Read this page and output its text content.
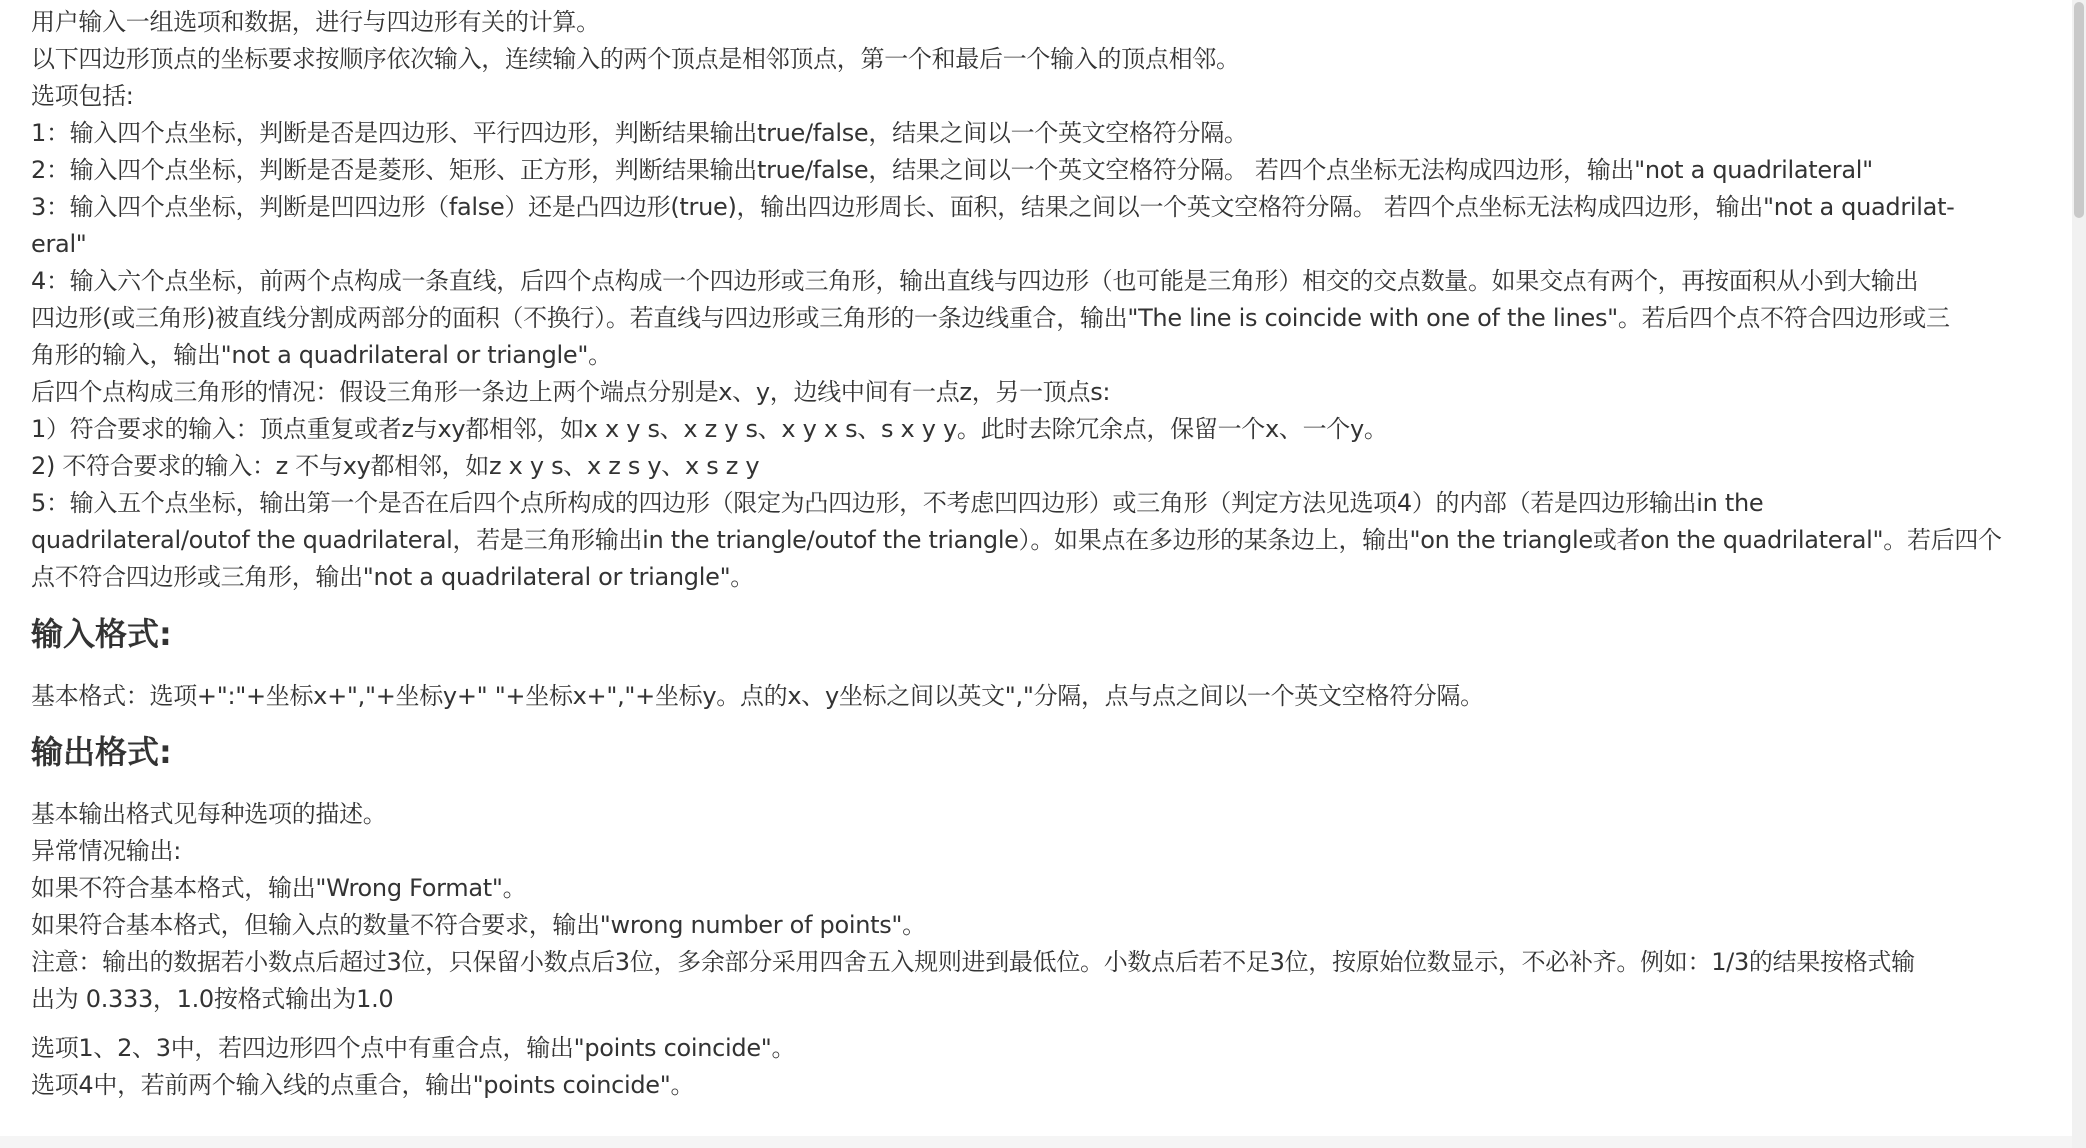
用户输入一组选项和数据，进行与四边形有关的计算。
以下四边形顶点的坐标要求按顺序依次输入，连续输入的两个顶点是相邻顶点，第一个和最后一个输入的顶点相邻。
选项包括:
1：输入四个点坐标，判断是否是四边形、平行四边形，判断结果输出true/false，结果之间以一个英文空格符分隔。
2：输入四个点坐标，判断是否是菱形、矩形、正方形，判断结果输出true/false，结果之间以一个英文空格符分隔。 若四个点坐标无法构成四边形，输出"not a quadrilateral"
3：输入四个点坐标，判断是凹四边形（false）还是凸四边形(true)，输出四边形周长、面积，结果之间以一个英文空格符分隔。 若四个点坐标无法构成四边形，输出"not a quadrilat-
eral"
4：输入六个点坐标，前两个点构成一条直线，后四个点构成一个四边形或三角形，输出直线与四边形（也可能是三角形）相交的交点数量。如果交点有两个，再按面积从小到大输出
四边形(或三角形)被直线分割成两部分的面积（不换行）。若直线与四边形或三角形的一条边线重合，输出"The line is coincide with one of the lines"。若后四个点不符合四边形或三
角形的输入，输出"not a quadrilateral or triangle"。
后四个点构成三角形的情况：假设三角形一条边上两个端点分别是x、y，边线中间有一点z，另一顶点s:
1）符合要求的输入：顶点重复或者z与xy都相邻，如x x y s、x z y s、x y x s、s x y y。此时去除冗余点，保留一个x、一个y。
2) 不符合要求的输入：z 不与xy都相邻，如z x y s、x z s y、x s z y
5：输入五个点坐标，输出第一个是否在后四个点所构成的四边形（限定为凸四边形，不考虑凹四边形）或三角形（判定方法见选项4）的内部（若是四边形输出in the
quadrilateral/outof the quadrilateral，若是三角形输出in the triangle/outof the triangle）。如果点在多边形的某条边上，输出"on the triangle或者on the quadrilateral"。若后四个
点不符合四边形或三角形，输出"not a quadrilateral or triangle"。
输入格式:
基本格式：选项+":"+坐标x+","+坐标y+" "+坐标x+","+坐标y。点的x、y坐标之间以英文","分隔，点与点之间以一个英文空格符分隔。
输出格式:
基本输出格式见每种选项的描述。
异常情况输出:
如果不符合基本格式，输出"Wrong Format"。
如果符合基本格式，但输入点的数量不符合要求，输出"wrong number of points"。
注意：输出的数据若小数点后超过3位，只保留小数点后3位，多余部分采用四舍五入规则进到最低位。小数点后若不足3位，按原始位数显示，不必补齐。例如：1/3的结果按格式输
出为 0.333，1.0按格式输出为1.0
选项1、2、3中，若四边形四个点中有重合点，输出"points coincide"。
选项4中，若前两个输入线的点重合，输出"points coincide"。
